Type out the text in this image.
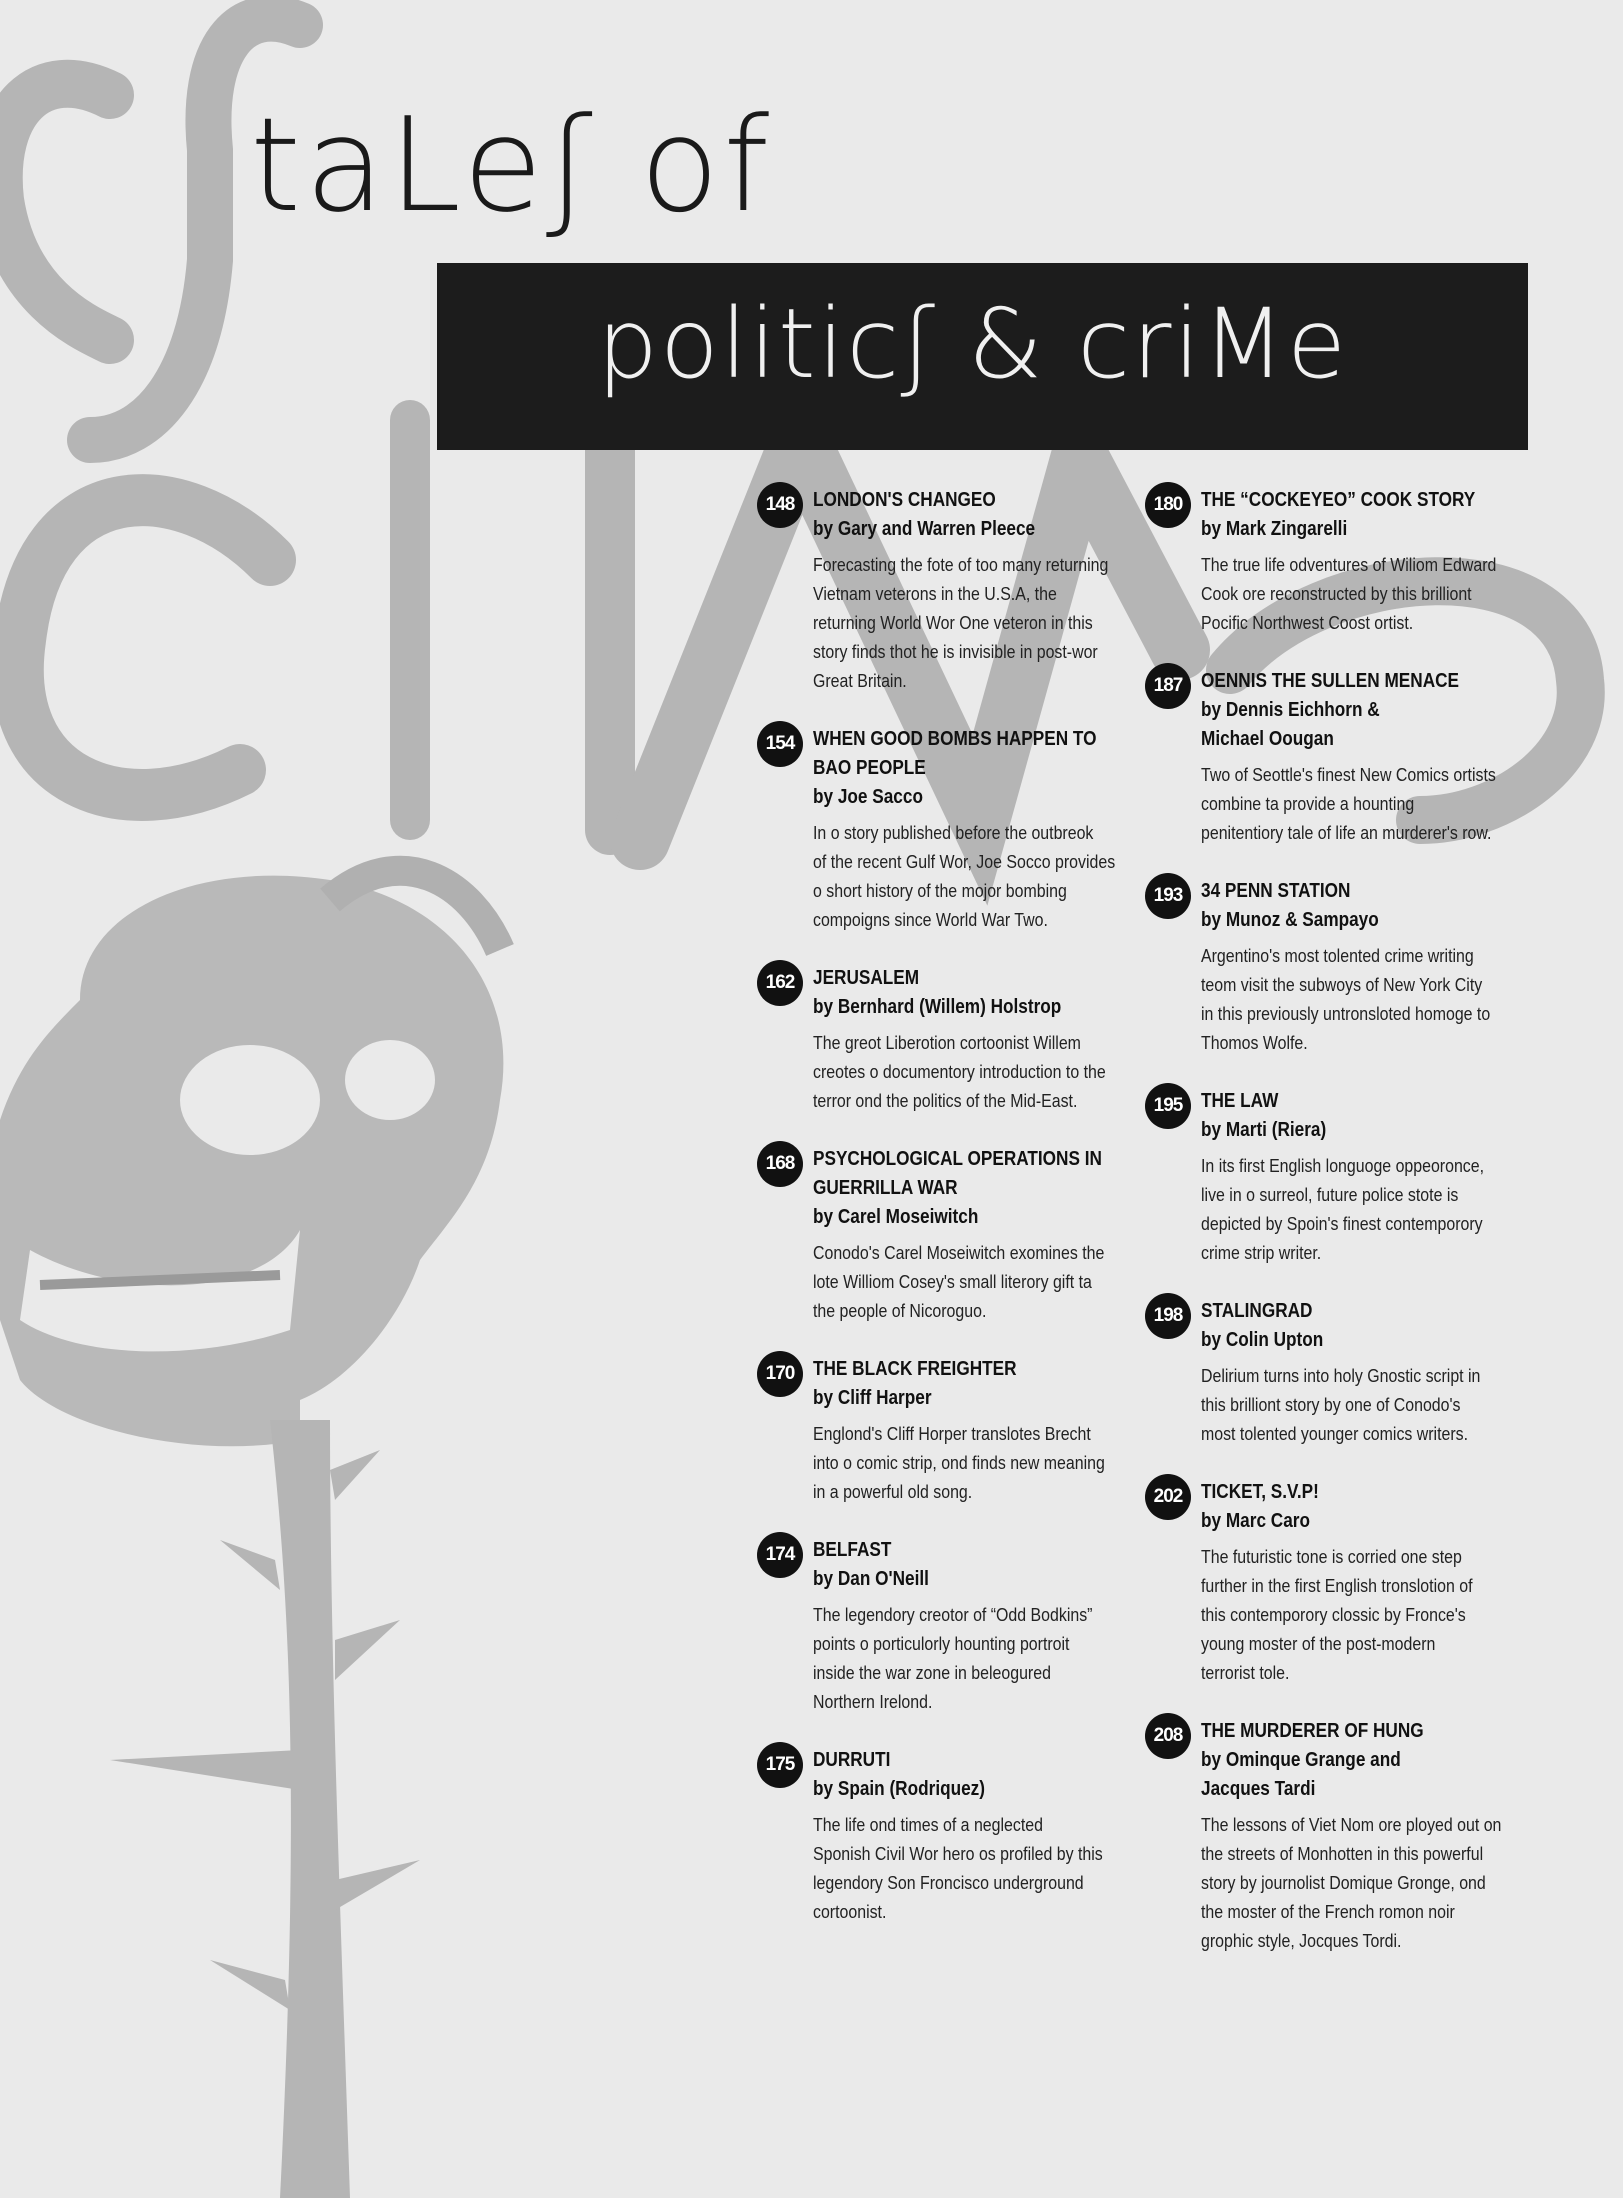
taLeʃ of
politicʃ & criMe
148 LONDON'S CHANGEO
by Gary and Warren Pleece
Forecasting the fote of too many returning
Vietnam veterons in the U.S.A, the
returning World Wor One veteron in this
story finds thot he is invisible in post-wor
Great Britain.
154 WHEN GOOD BOMBS HAPPEN TO
BAO PEOPLE
by Joe Sacco
In o story published before the outbreok
of the recent Gulf Wor, Joe Socco provides
o short history of the mojor bombing
compoigns since World War Two.
162 JERUSALEM
by Bernhard (Willem) Holstrop
The greot Liberotion cortoonist Willem
creotes o documentory introduction to the
terror ond the politics of the Mid-East.
168 PSYCHOLOGICAL OPERATIONS IN
GUERRILLA WAR
by Carel Moseiwitch
Conodo's Carel Moseiwitch exomines the
lote Williom Cosey's small literory gift ta
the people of Nicoroguo.
170 THE BLACK FREIGHTER
by Cliff Harper
Englond's Cliff Horper translotes Brecht
into o comic strip, ond finds new meaning
in a powerful old song.
174 BELFAST
by Dan O'Neill
The legendory creotor of “Odd Bodkins”
points o porticulorly hounting portroit
inside the war zone in beleogured
Northern Irelond.
175 DURRUTI
by Spain (Rodriquez)
The life ond times of a neglected
Sponish Civil Wor hero os profiled by this
legendory Son Froncisco underground
cortoonist.
180 THE “COCKEYEO” COOK STORY
by Mark Zingarelli
The true life odventures of Wiliom Edward
Cook ore reconstructed by this brilliont
Pocific Northwest Coost ortist.
187 OENNIS THE SULLEN MENACE
by Dennis Eichhorn &
Michael Oougan
Two of Seottle's finest New Comics ortists
combine ta provide a hounting
penitentiory tale of life an murderer's row.
193 34 PENN STATION
by Munoz & Sampayo
Argentino's most tolented crime writing
teom visit the subwoys of New York City
in this previously untronsloted homoge to
Thomos Wolfe.
195 THE LAW
by Marti (Riera)
In its first English longuoge oppeoronce,
live in o surreol, future police stote is
depicted by Spoin's finest contemporory
crime strip writer.
198 STALINGRAD
by Colin Upton
Delirium turns into holy Gnostic script in
this brilliont story by one of Conodo's
most tolented younger comics writers.
202 TICKET, S.V.P!
by Marc Caro
The futuristic tone is corried one step
further in the first English tronslotion of
this contemporory clossic by Fronce's
young moster of the post-modern
terrorist tole.
208 THE MURDERER OF HUNG
by Ominque Grange and
Jacques Tardi
The lessons of Viet Nom ore ployed out on
the streets of Monhotten in this powerful
story by journolist Domique Gronge, ond
the moster of the French romon noir
grophic style, Jocques Tordi.
